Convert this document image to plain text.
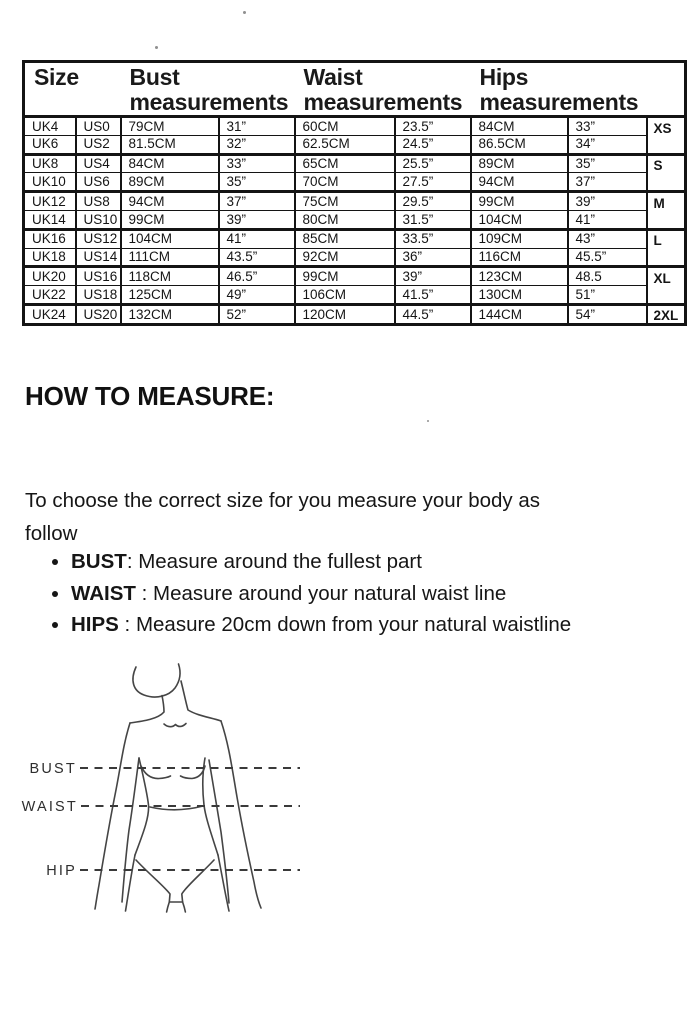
Size		Bust measurements		Waist measurements		Hips measurements		
UK4	US0	79CM	31”	60CM	23.5”	84CM	33”	XS
UK6	US2	81.5CM	32”	62.5CM	24.5”	86.5CM	34”	
UK8	US4	84CM	33”	65CM	25.5”	89CM	35”	S
UK10	US6	89CM	35”	70CM	27.5”	94CM	37”	
UK12	US8	94CM	37”	75CM	29.5”	99CM	39”	M
UK14	US10	99CM	39”	80CM	31.5”	104CM	41”	
UK16	US12	104CM	41”	85CM	33.5”	109CM	43”	L
UK18	US14	111CM	43.5”	92CM	36”	116CM	45.5”	
UK20	US16	118CM	46.5”	99CM	39”	123CM	48.5	XL
UK22	US18	125CM	49”	106CM	41.5”	130CM	51”	
UK24	US20	132CM	52”	120CM	44.5”	144CM	54”	2XL
HOW TO MEASURE:

To choose the correct size for you measure your body as follow

• BUST: Measure around the fullest part
• WAIST : Measure around your natural waist line
• HIPS : Measure 20cm down from your natural waistline
BUST
WAIST
HIP
